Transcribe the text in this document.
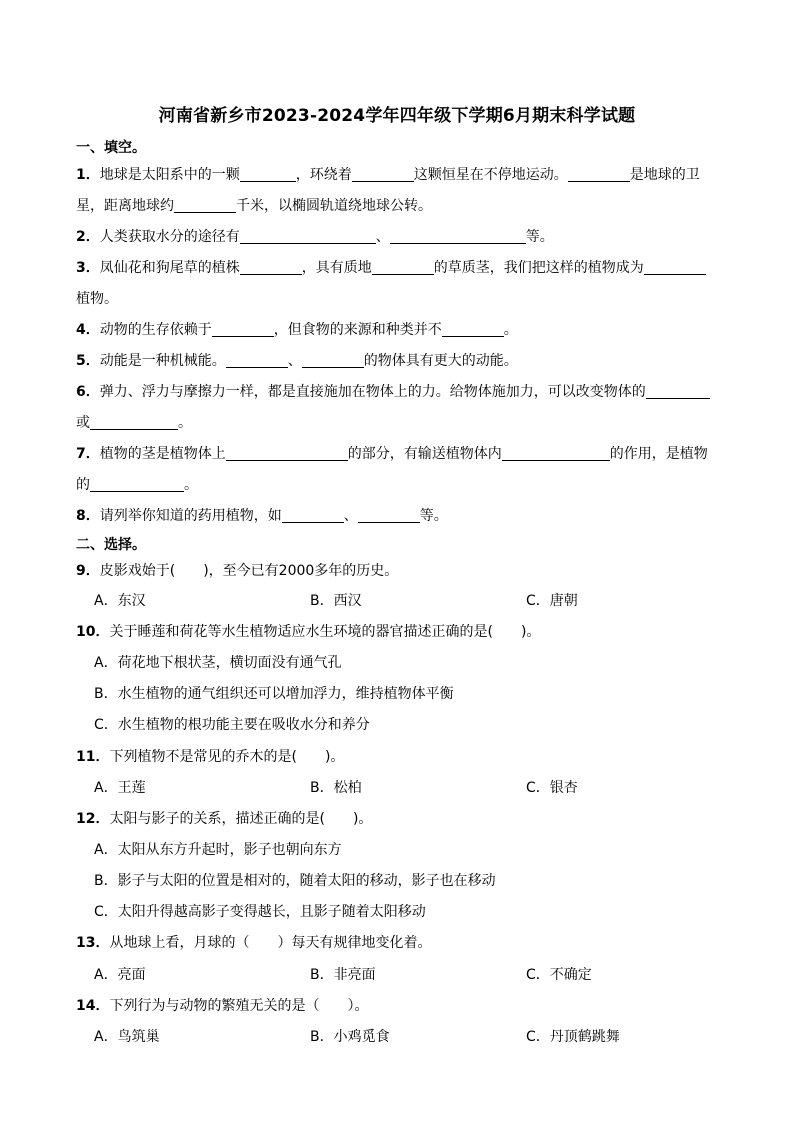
河南省新乡市2023-2024学年四年级下学期6月期末科学试题
一、填空。
1．地球是太阳系中的一颗	，环绕着	这颗恒星在不停地运动。	是地球的卫
星，距离地球约	千米，以椭圆轨道绕地球公转。
2．人类获取水分的途径有	、	等。
3．凤仙花和狗尾草的植株	，具有质地	的草质茎，我们把这样的植物成为
植物。
4．动物的生存依赖于	，但食物的来源和种类并不	。
5．动能是一种机械能。	、	的物体具有更大的动能。
6．弹力、浮力与摩擦力一样，都是直接施加在物体上的力。给物体施加力，可以改变物体的
或	。
7．植物的茎是植物体上	的部分，有输送植物体内	的作用，是植物
的	。
8．请列举你知道的药用植物，如	、	等。
二、选择。
9．皮影戏始于(　　)，至今已有2000多年的历史。
A．东汉	B．西汉	C．唐朝
10．关于睡莲和荷花等水生植物适应水生环境的器官描述正确的是(　　)。
A．荷花地下根状茎，横切面没有通气孔
B．水生植物的通气组织还可以增加浮力，维持植物体平衡
C．水生植物的根功能主要在吸收水分和养分
11．下列植物不是常见的乔木的是(　　)。
A．王莲	B．松柏	C．银杏
12．太阳与影子的关系，描述正确的是(　　)。
A．太阳从东方升起时，影子也朝向东方
B．影子与太阳的位置是相对的，随着太阳的移动，影子也在移动
C．太阳升得越高影子变得越长，且影子随着太阳移动
13．从地球上看，月球的（　　）每天有规律地变化着。
A．亮面	B．非亮面	C．不确定
14．下列行为与动物的繁殖无关的是（　　）。
A．鸟筑巢	B．小鸡觅食	C．丹顶鹤跳舞
